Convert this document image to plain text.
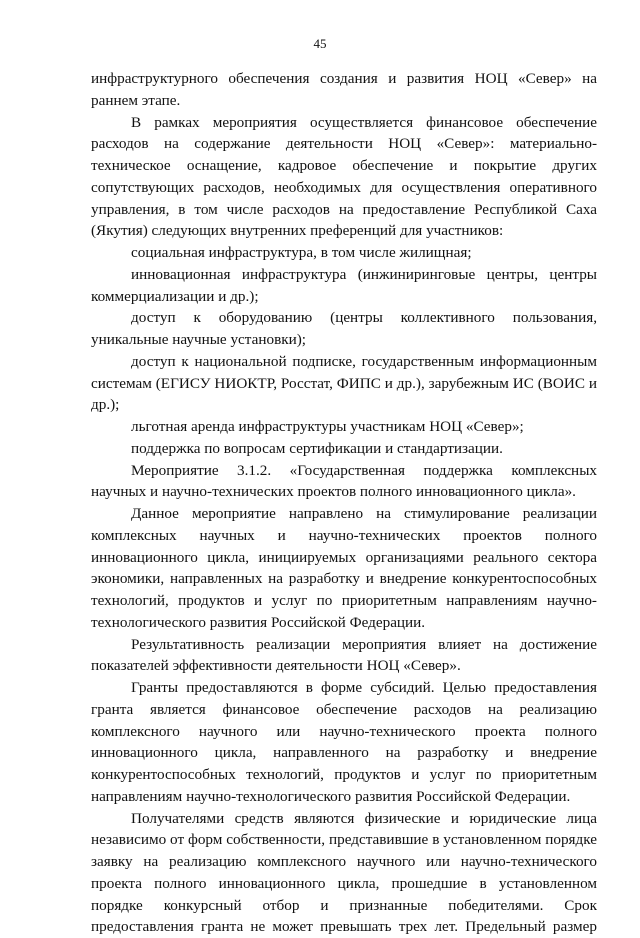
45

инфраструктурного обеспечения создания и развития НОЦ «Север» на раннем этапе.

В рамках мероприятия осуществляется финансовое обеспечение расходов на содержание деятельности НОЦ «Север»: материально-техническое оснащение, кадровое обеспечение и покрытие других сопутствующих расходов, необходимых для осуществления оперативного управления, в том числе расходов на предоставление Республикой Саха (Якутия) следующих внутренних преференций для участников:

социальная инфраструктура, в том числе жилищная;

инновационная инфраструктура (инжиниринговые центры, центры коммерциализации и др.);

доступ к оборудованию (центры коллективного пользования, уникальные научные установки);

доступ к национальной подписке, государственным информационным системам (ЕГИСУ НИОКТР, Росстат, ФИПС и др.), зарубежным ИС (ВОИС и др.);

льготная аренда инфраструктуры участникам НОЦ «Север»;

поддержка по вопросам сертификации и стандартизации.

Мероприятие 3.1.2. «Государственная поддержка комплексных научных и научно-технических проектов полного инновационного цикла».

Данное мероприятие направлено на стимулирование реализации комплексных научных и научно-технических проектов полного инновационного цикла, инициируемых организациями реального сектора экономики, направленных на разработку и внедрение конкурентоспособных технологий, продуктов и услуг по приоритетным направлениям научно-технологического развития Российской Федерации.

Результативность реализации мероприятия влияет на достижение показателей эффективности деятельности НОЦ «Север».

Гранты предоставляются в форме субсидий. Целью предоставления гранта является финансовое обеспечение расходов на реализацию комплексного научного или научно-технического проекта полного инновационного цикла, направленного на разработку и внедрение конкурентоспособных технологий, продуктов и услуг по приоритетным направлениям научно-технологического развития Российской Федерации.

Получателями средств являются физические и юридические лица независимо от форм собственности, представившие в установленном порядке заявку на реализацию комплексного научного или научно-технического проекта полного инновационного цикла, прошедшие в установленном порядке конкурсный отбор и признанные победителями. Срок предоставления гранта не может превышать трех лет. Предельный размер
